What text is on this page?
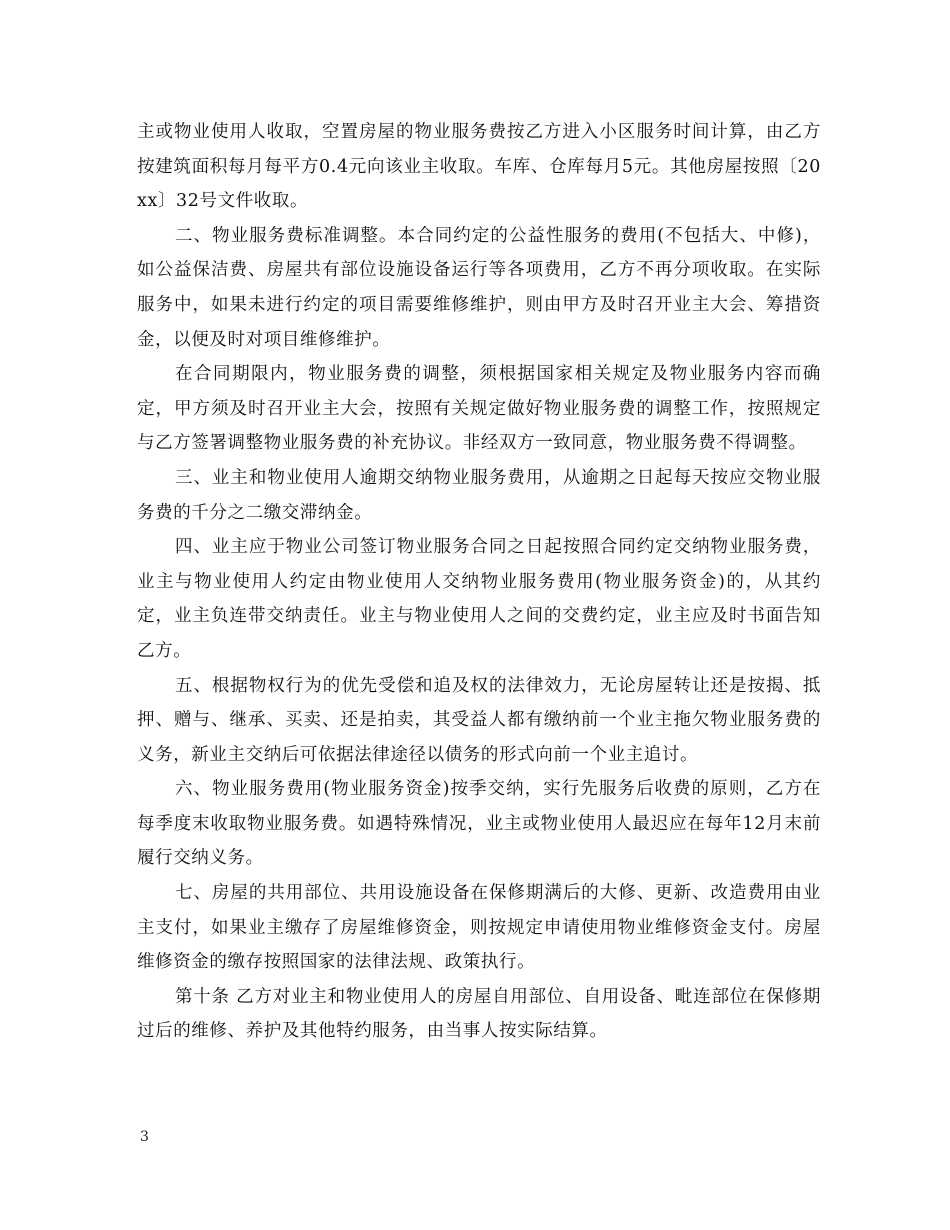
主或物业使用人收取，空置房屋的物业服务费按乙方进入小区服务时间计算，由乙方按建筑面积每月每平方0.4元向该业主收取。车库、仓库每月5元。其他房屋按照〔20xx〕32号文件收取。

二、物业服务费标准调整。本合同约定的公益性服务的费用(不包括大、中修)，如公益保洁费、房屋共有部位设施设备运行等各项费用，乙方不再分项收取。在实际服务中，如果未进行约定的项目需要维修维护，则由甲方及时召开业主大会、筹措资金，以便及时对项目维修维护。

在合同期限内，物业服务费的调整，须根据国家相关规定及物业服务内容而确定，甲方须及时召开业主大会，按照有关规定做好物业服务费的调整工作，按照规定与乙方签署调整物业服务费的补充协议。非经双方一致同意，物业服务费不得调整。

三、业主和物业使用人逾期交纳物业服务费用，从逾期之日起每天按应交物业服务费的千分之二缴交滞纳金。

四、业主应于物业公司签订物业服务合同之日起按照合同约定交纳物业服务费，业主与物业使用人约定由物业使用人交纳物业服务费用(物业服务资金)的，从其约定，业主负连带交纳责任。业主与物业使用人之间的交费约定，业主应及时书面告知乙方。

五、根据物权行为的优先受偿和追及权的法律效力，无论房屋转让还是按揭、抵押、赠与、继承、买卖、还是拍卖，其受益人都有缴纳前一个业主拖欠物业服务费的义务，新业主交纳后可依据法律途径以债务的形式向前一个业主追讨。

六、物业服务费用(物业服务资金)按季交纳，实行先服务后收费的原则，乙方在每季度末收取物业服务费。如遇特殊情况，业主或物业使用人最迟应在每年12月末前履行交纳义务。

七、房屋的共用部位、共用设施设备在保修期满后的大修、更新、改造费用由业主支付，如果业主缴存了房屋维修资金，则按规定申请使用物业维修资金支付。房屋维修资金的缴存按照国家的法律法规、政策执行。

第十条 乙方对业主和物业使用人的房屋自用部位、自用设备、毗连部位在保修期过后的维修、养护及其他特约服务，由当事人按实际结算。

3
